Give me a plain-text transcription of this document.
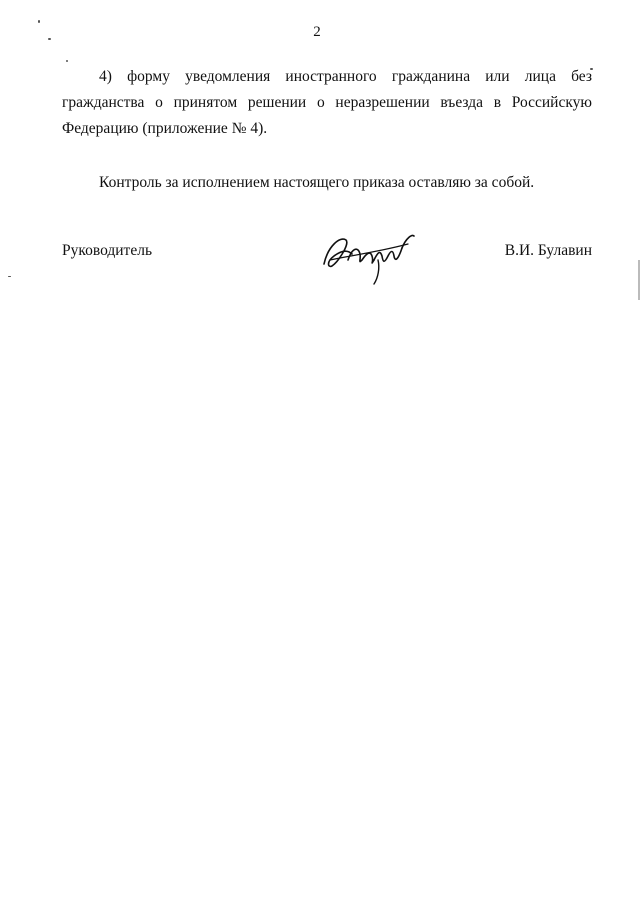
2

4) форму уведомления иностранного гражданина или лица без гражданства о принятом решении о неразрешении въезда в Российскую Федерацию (приложение № 4).

Контроль за исполнением настоящего приказа оставляю за собой.

Руководитель	В.И. Булавин
